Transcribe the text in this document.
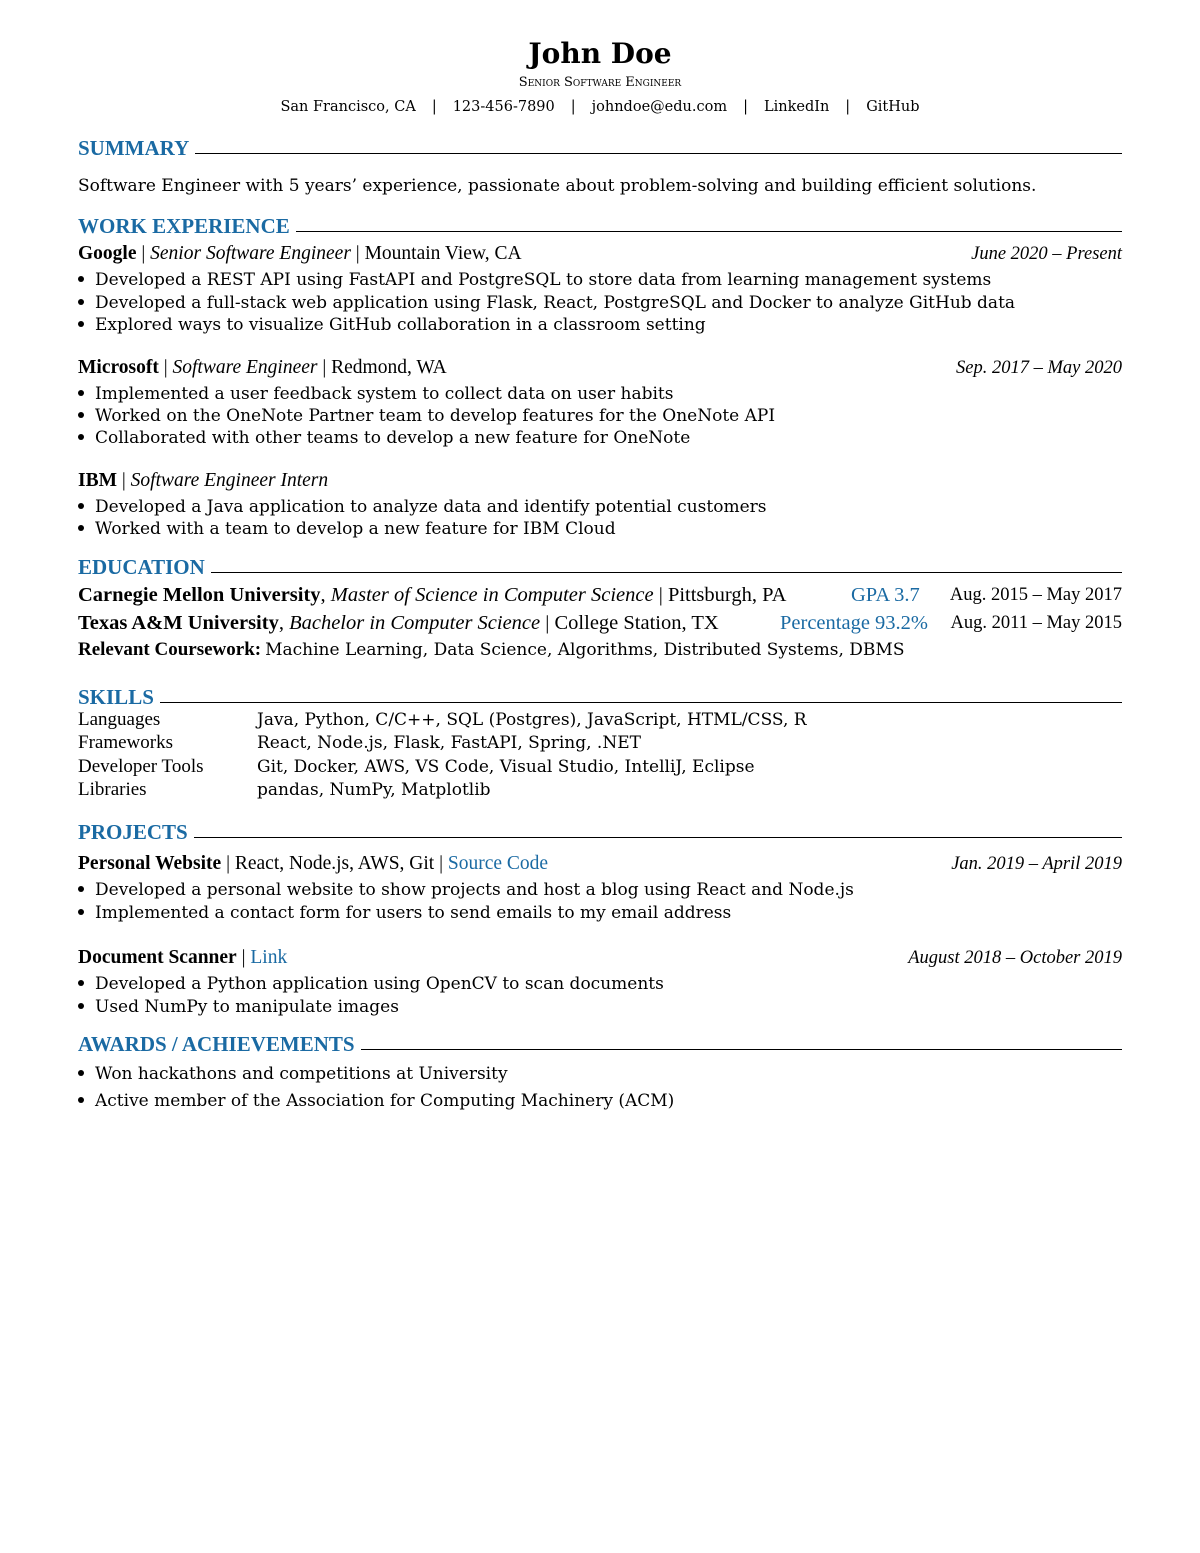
John Doe
Senior Software Engineer
San Francisco, CA | 123-456-7890 | johndoe@edu.com | LinkedIn | GitHub
SUMMARY
Software Engineer with 5 years’ experience, passionate about problem-solving and building efficient solutions.
WORK EXPERIENCE
Google | Senior Software Engineer | Mountain View, CA	June 2020 – Present
Developed a REST API using FastAPI and PostgreSQL to store data from learning management systems
Developed a full-stack web application using Flask, React, PostgreSQL and Docker to analyze GitHub data
Explored ways to visualize GitHub collaboration in a classroom setting
Microsoft | Software Engineer | Redmond, WA	Sep. 2017 – May 2020
Implemented a user feedback system to collect data on user habits
Worked on the OneNote Partner team to develop features for the OneNote API
Collaborated with other teams to develop a new feature for OneNote
IBM | Software Engineer Intern
Developed a Java application to analyze data and identify potential customers
Worked with a team to develop a new feature for IBM Cloud
EDUCATION
Carnegie Mellon University, Master of Science in Computer Science | Pittsburgh, PA	GPA 3.7 Aug. 2015 – May 2017
Texas A&M University, Bachelor in Computer Science | College Station, TX	Percentage 93.2% Aug. 2011 – May 2015
Relevant Coursework: Machine Learning, Data Science, Algorithms, Distributed Systems, DBMS
SKILLS
Languages	Java, Python, C/C++, SQL (Postgres), JavaScript, HTML/CSS, R
Frameworks	React, Node.js, Flask, FastAPI, Spring, .NET
Developer Tools	Git, Docker, AWS, VS Code, Visual Studio, IntelliJ, Eclipse
Libraries	pandas, NumPy, Matplotlib
PROJECTS
Personal Website | React, Node.js, AWS, Git | Source Code	Jan. 2019 – April 2019
Developed a personal website to show projects and host a blog using React and Node.js
Implemented a contact form for users to send emails to my email address
Document Scanner | Link	August 2018 – October 2019
Developed a Python application using OpenCV to scan documents
Used NumPy to manipulate images
AWARDS / ACHIEVEMENTS
Won hackathons and competitions at University
Active member of the Association for Computing Machinery (ACM)
